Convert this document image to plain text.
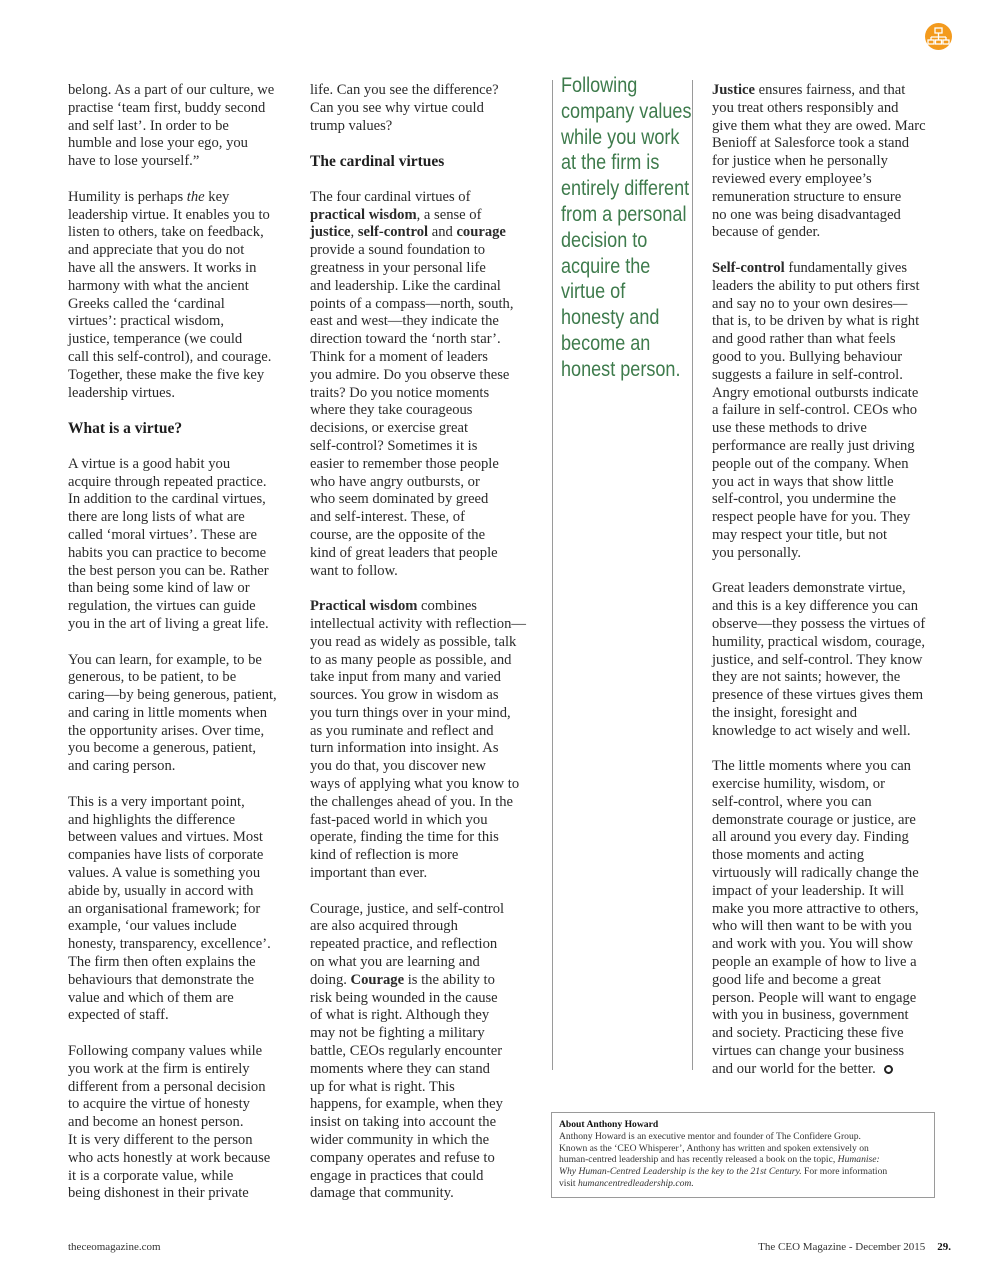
belong. As a part of our culture, we
practise ‘team first, buddy second
and self last’. In order to be
humble and lose your ego, you
have to lose yourself.”
Humility is perhaps the key
leadership virtue. It enables you to
listen to others, take on feedback,
and appreciate that you do not
have all the answers. It works in
harmony with what the ancient
Greeks called the ‘cardinal
virtues’: practical wisdom,
justice, temperance (we could
call this self-control), and courage.
Together, these make the five key
leadership virtues.
What is a virtue?
A virtue is a good habit you
acquire through repeated practice.
In addition to the cardinal virtues,
there are long lists of what are
called ‘moral virtues’. These are
habits you can practice to become
the best person you can be. Rather
than being some kind of law or
regulation, the virtues can guide
you in the art of living a great life.
You can learn, for example, to be
generous, to be patient, to be
caring—by being generous, patient,
and caring in little moments when
the opportunity arises. Over time,
you become a generous, patient,
and caring person.
This is a very important point,
and highlights the difference
between values and virtues. Most
companies have lists of corporate
values. A value is something you
abide by, usually in accord with
an organisational framework; for
example, ‘our values include
honesty, transparency, excellence’.
The firm then often explains the
behaviours that demonstrate the
value and which of them are
expected of staff.
Following company values while
you work at the firm is entirely
different from a personal decision
to acquire the virtue of honesty
and become an honest person.
It is very different to the person
who acts honestly at work because
it is a corporate value, while
being dishonest in their private
life. Can you see the difference?
Can you see why virtue could
trump values?
The cardinal virtues
The four cardinal virtues of
practical wisdom, a sense of
justice, self-control and courage
provide a sound foundation to
greatness in your personal life
and leadership. Like the cardinal
points of a compass—north, south,
east and west—they indicate the
direction toward the ‘north star’.
Think for a moment of leaders
you admire. Do you observe these
traits? Do you notice moments
where they take courageous
decisions, or exercise great
self-control? Sometimes it is
easier to remember those people
who have angry outbursts, or
who seem dominated by greed
and self-interest. These, of
course, are the opposite of the
kind of great leaders that people
want to follow.
Practical wisdom combines
intellectual activity with reflection—
you read as widely as possible, talk
to as many people as possible, and
take input from many and varied
sources. You grow in wisdom as
you turn things over in your mind,
as you ruminate and reflect and
turn information into insight. As
you do that, you discover new
ways of applying what you know to
the challenges ahead of you. In the
fast-paced world in which you
operate, finding the time for this
kind of reflection is more
important than ever.
Courage, justice, and self-control
are also acquired through
repeated practice, and reflection
on what you are learning and
doing. Courage is the ability to
risk being wounded in the cause
of what is right. Although they
may not be fighting a military
battle, CEOs regularly encounter
moments where they can stand
up for what is right. This
happens, for example, when they
insist on taking into account the
wider community in which the
company operates and refuse to
engage in practices that could
damage that community.
Following
company values
while you work
at the firm is
entirely different
from a personal
decision to
acquire the
virtue of
honesty and
become an
honest person.
Justice ensures fairness, and that
you treat others responsibly and
give them what they are owed. Marc
Benioff at Salesforce took a stand
for justice when he personally
reviewed every employee’s
remuneration structure to ensure
no one was being disadvantaged
because of gender.
Self-control fundamentally gives
leaders the ability to put others first
and say no to your own desires—
that is, to be driven by what is right
and good rather than what feels
good to you. Bullying behaviour
suggests a failure in self-control.
Angry emotional outbursts indicate
a failure in self-control. CEOs who
use these methods to drive
performance are really just driving
people out of the company. When
you act in ways that show little
self-control, you undermine the
respect people have for you. They
may respect your title, but not
you personally.
Great leaders demonstrate virtue,
and this is a key difference you can
observe—they possess the virtues of
humility, practical wisdom, courage,
justice, and self-control. They know
they are not saints; however, the
presence of these virtues gives them
the insight, foresight and
knowledge to act wisely and well.
The little moments where you can
exercise humility, wisdom, or
self-control, where you can
demonstrate courage or justice, are
all around you every day. Finding
those moments and acting
virtuously will radically change the
impact of your leadership. It will
make you more attractive to others,
who will then want to be with you
and work with you. You will show
people an example of how to live a
good life and become a great
person. People will want to engage
with you in business, government
and society. Practicing these five
virtues can change your business
and our world for the better.
About Anthony Howard
Anthony Howard is an executive mentor and founder of The Confidere Group.
Known as the ‘CEO Whisperer’, Anthony has written and spoken extensively on
human-centred leadership and has recently released a book on the topic, Humanise:
Why Human-Centred Leadership is the key to the 21st Century. For more information
visit humancentredleadership.com.
theceomagazine.com	The CEO Magazine - December 2015 29.
